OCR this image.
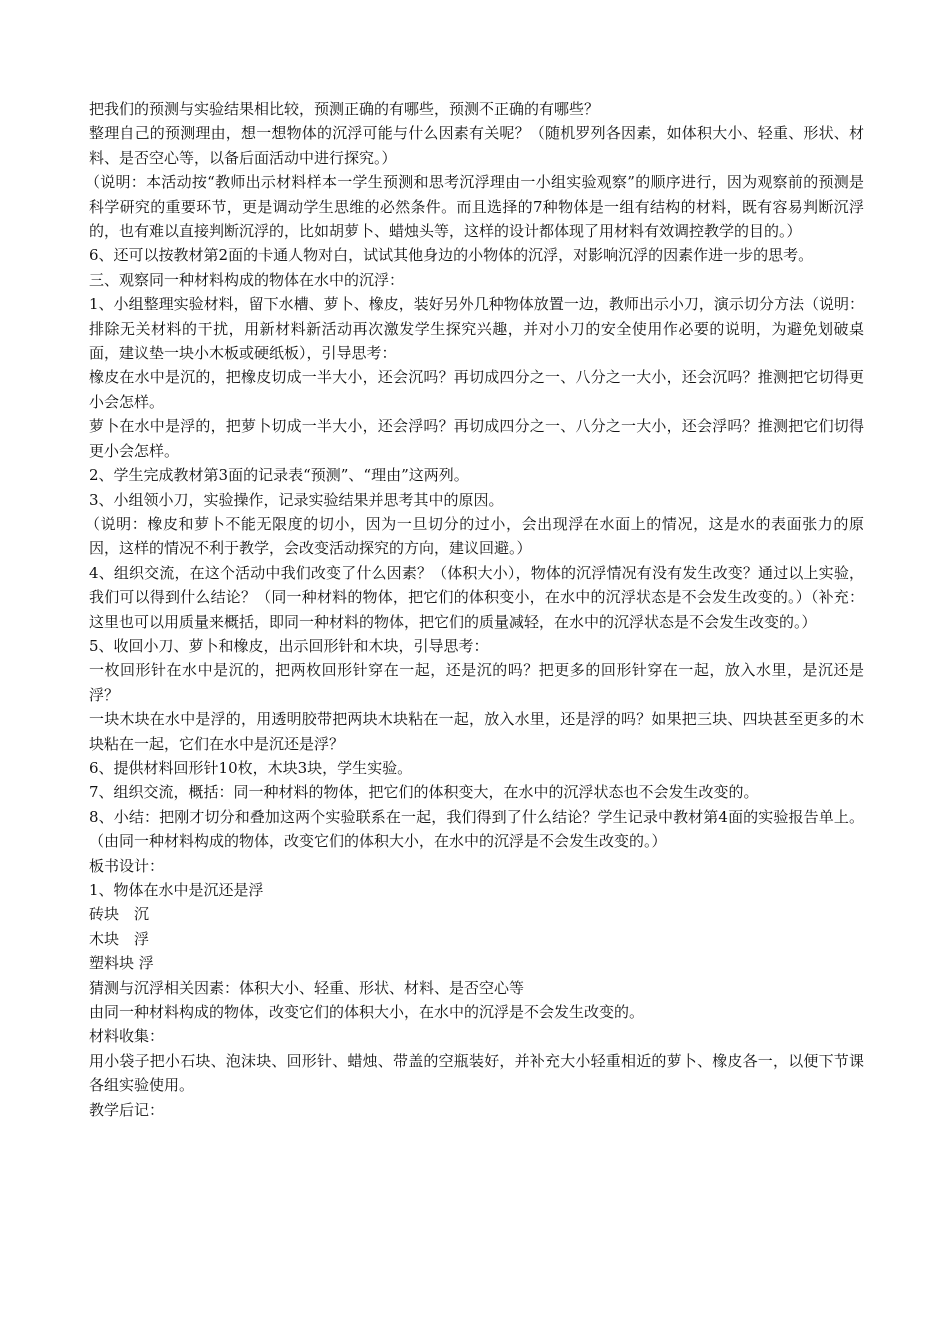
把我们的预测与实验结果相比较，预测正确的有哪些，预测不正确的有哪些？

整理自己的预测理由，想一想物体的沉浮可能与什么因素有关呢？（随机罗列各因素，如体积大小、轻重、形状、材料、是否空心等，以备后面活动中进行探究。）

（说明：本活动按“教师出示材料样本一学生预测和思考沉浮理由一小组实验观察”的顺序进行，因为观察前的预测是科学研究的重要环节，更是调动学生思维的必然条件。而且选择的7种物体是一组有结构的材料，既有容易判断沉浮的，也有难以直接判断沉浮的，比如胡萝卜、蜡烛头等，这样的设计都体现了用材料有效调控教学的目的。）

6、还可以按教材第2面的卡通人物对白，试试其他身边的小物体的沉浮，对影响沉浮的因素作进一步的思考。

三、观察同一种材料构成的物体在水中的沉浮：

1、小组整理实验材料，留下水槽、萝卜、橡皮，装好另外几种物体放置一边，教师出示小刀，演示切分方法（说明：排除无关材料的干扰，用新材料新活动再次激发学生探究兴趣，并对小刀的安全使用作必要的说明，为避免划破桌面，建议垫一块小木板或硬纸板），引导思考：

橡皮在水中是沉的，把橡皮切成一半大小，还会沉吗？再切成四分之一、八分之一大小，还会沉吗？推测把它切得更小会怎样。

萝卜在水中是浮的，把萝卜切成一半大小，还会浮吗？再切成四分之一、八分之一大小，还会浮吗？推测把它们切得更小会怎样。

2、学生完成教材第3面的记录表“预测”、“理由”这两列。

3、小组领小刀，实验操作，记录实验结果并思考其中的原因。

（说明：橡皮和萝卜不能无限度的切小，因为一旦切分的过小，会出现浮在水面上的情况，这是水的表面张力的原因，这样的情况不利于教学，会改变活动探究的方向，建议回避。）

4、组织交流，在这个活动中我们改变了什么因素？（体积大小），物体的沉浮情况有没有发生改变？通过以上实验，我们可以得到什么结论？（同一种材料的物体，把它们的体积变小，在水中的沉浮状态是不会发生改变的。）（补充：这里也可以用质量来概括，即同一种材料的物体，把它们的质量减轻，在水中的沉浮状态是不会发生改变的。）

5、收回小刀、萝卜和橡皮，出示回形针和木块，引导思考：

一枚回形针在水中是沉的，把两枚回形针穿在一起，还是沉的吗？把更多的回形针穿在一起，放入水里，是沉还是浮？

一块木块在水中是浮的，用透明胶带把两块木块粘在一起，放入水里，还是浮的吗？如果把三块、四块甚至更多的木块粘在一起，它们在水中是沉还是浮？

6、提供材料回形针10枚，木块3块，学生实验。

7、组织交流，概括：同一种材料的物体，把它们的体积变大，在水中的沉浮状态也不会发生改变的。

8、小结：把刚才切分和叠加这两个实验联系在一起，我们得到了什么结论？学生记录中教材第4面的实验报告单上。（由同一种材料构成的物体，改变它们的体积大小，在水中的沉浮是不会发生改变的。）

板书设计：

1、物体在水中是沉还是浮

砖块　沉

木块　浮

塑料块 浮

猜测与沉浮相关因素：体积大小、轻重、形状、材料、是否空心等

由同一种材料构成的物体，改变它们的体积大小，在水中的沉浮是不会发生改变的。

材料收集：

用小袋子把小石块、泡沫块、回形针、蜡烛、带盖的空瓶装好，并补充大小轻重相近的萝卜、橡皮各一，以便下节课各组实验使用。

教学后记：
